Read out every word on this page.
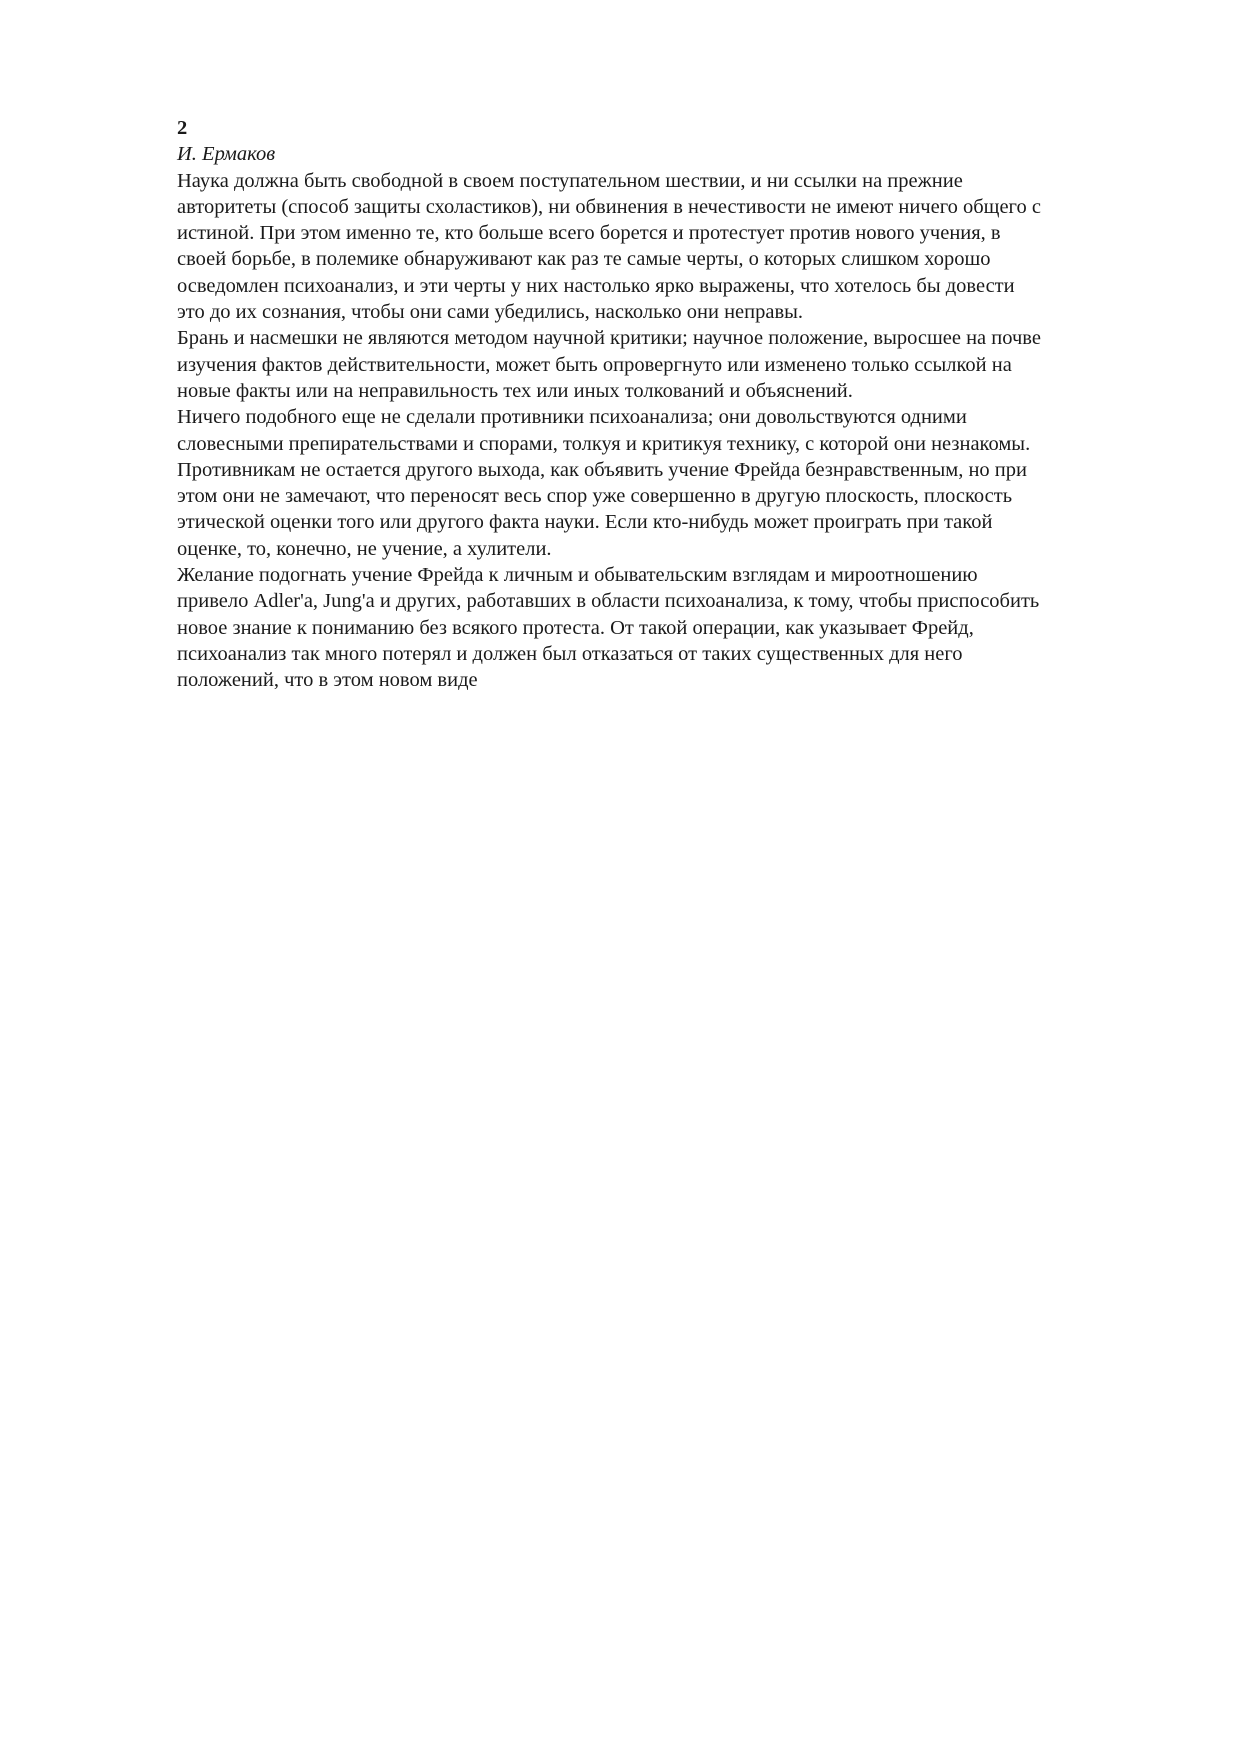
2
И. Ермаков
Наука должна быть свободной в своем поступательном шествии, и ни ссылки на прежние
авторитеты (способ защиты схоластиков), ни обвинения в нечестивости не имеют ничего общего с
истиной. При этом именно те, кто больше всего борется и протестует против нового учения, в
своей борьбе, в полемике обнаруживают как раз те самые черты, о которых слишком хорошо
осведомлен психоанализ, и эти черты у них настолько ярко выражены, что хотелось бы довести
это до их сознания, чтобы они сами убедились, насколько они неправы.
Брань и насмешки не являются методом научной критики; научное положение, выросшее на почве
изучения фактов действительности, может быть опровергнуто или изменено только ссылкой на
новые факты или на неправильность тех или иных толкований и объяснений.
Ничего подобного еще не сделали противники психоанализа; они довольствуются одними
словесными препирательствами и спорами, толкуя и критикуя технику, с которой они незнакомы.
Противникам не остается другого выхода, как объявить учение Фрейда безнравственным, но при
этом они не замечают, что переносят весь спор уже совершенно в другую плоскость, плоскость
этической оценки того или другого факта науки. Если кто-нибудь может проиграть при такой
оценке, то, конечно, не учение, а хулители.
Желание подогнать учение Фрейда к личным и обывательским взглядам и мироотношению
привело Adler'a, Jung'a и других, работавших в области психоанализа, к тому, чтобы приспособить
новое знание к пониманию без всякого протеста. От такой операции, как указывает Фрейд,
психоанализ так много потерял и должен был отказаться от таких существенных для него
положений, что в этом новом виде
